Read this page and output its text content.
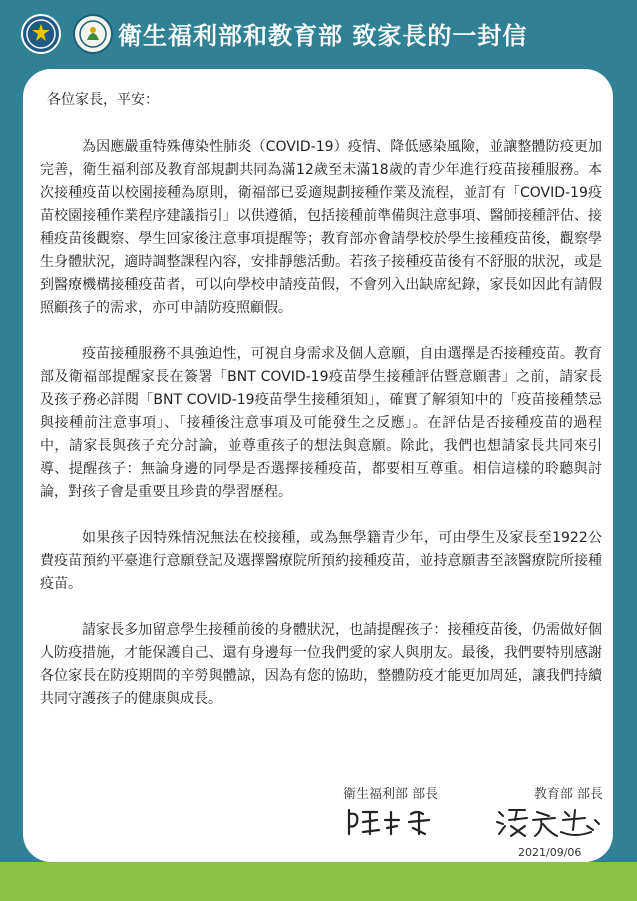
衛生福利部和教育部 致家長的一封信
各位家長，平安：

為因應嚴重特殊傳染性肺炎（COVID-19）疫情、降低感染風險，並讓整體防疫更加完善，衛生福利部及教育部規劃共同為滿12歲至未滿18歲的青少年進行疫苗接種服務。本次接種疫苗以校園接種為原則，衛福部已妥適規劃接種作業及流程，並訂有「COVID-19疫苗校園接種作業程序建議指引」以供遵循，包括接種前準備與注意事項、醫師接種評估、接種疫苗後觀察、學生回家後注意事項提醒等；教育部亦會請學校於學生接種疫苗後，觀察學生身體狀況，適時調整課程內容，安排靜態活動。若孩子接種疫苗後有不舒服的狀況，或是到醫療機構接種疫苗者，可以向學校申請疫苗假，不會列入出缺席紀錄，家長如因此有請假照顧孩子的需求，亦可申請防疫照顧假。

疫苗接種服務不具強迫性，可視自身需求及個人意願，自由選擇是否接種疫苗。教育部及衛福部提醒家長在簽署「BNT COVID-19疫苗學生接種評估暨意願書」之前，請家長及孩子務必詳閱「BNT COVID-19疫苗學生接種須知」，確實了解須知中的「疫苗接種禁忌與接種前注意事項」、「接種後注意事項及可能發生之反應」。在評估是否接種疫苗的過程中，請家長與孩子充分討論，並尊重孩子的想法與意願。除此，我們也想請家長共同來引導、提醒孩子：無論身邊的同學是否選擇接種疫苗，都要相互尊重。相信這樣的聆聽與討論，對孩子會是重要且珍貴的學習歷程。

如果孩子因特殊情況無法在校接種，或為無學籍青少年，可由學生及家長至1922公費疫苗預約平臺進行意願登記及選擇醫療院所預約接種疫苗，並持意願書至該醫療院所接種疫苗。

請家長多加留意學生接種前後的身體狀況，也請提醒孩子：接種疫苗後，仍需做好個人防疫措施，才能保護自己、還有身邊每一位我們愛的家人與朋友。最後，我們要特別感謝各位家長在防疫期間的辛勞與體諒，因為有您的協助，整體防疫才能更加周延，讓我們持續共同守護孩子的健康與成長。

衛生福利部 部長	教育部 部長
2021/09/06
